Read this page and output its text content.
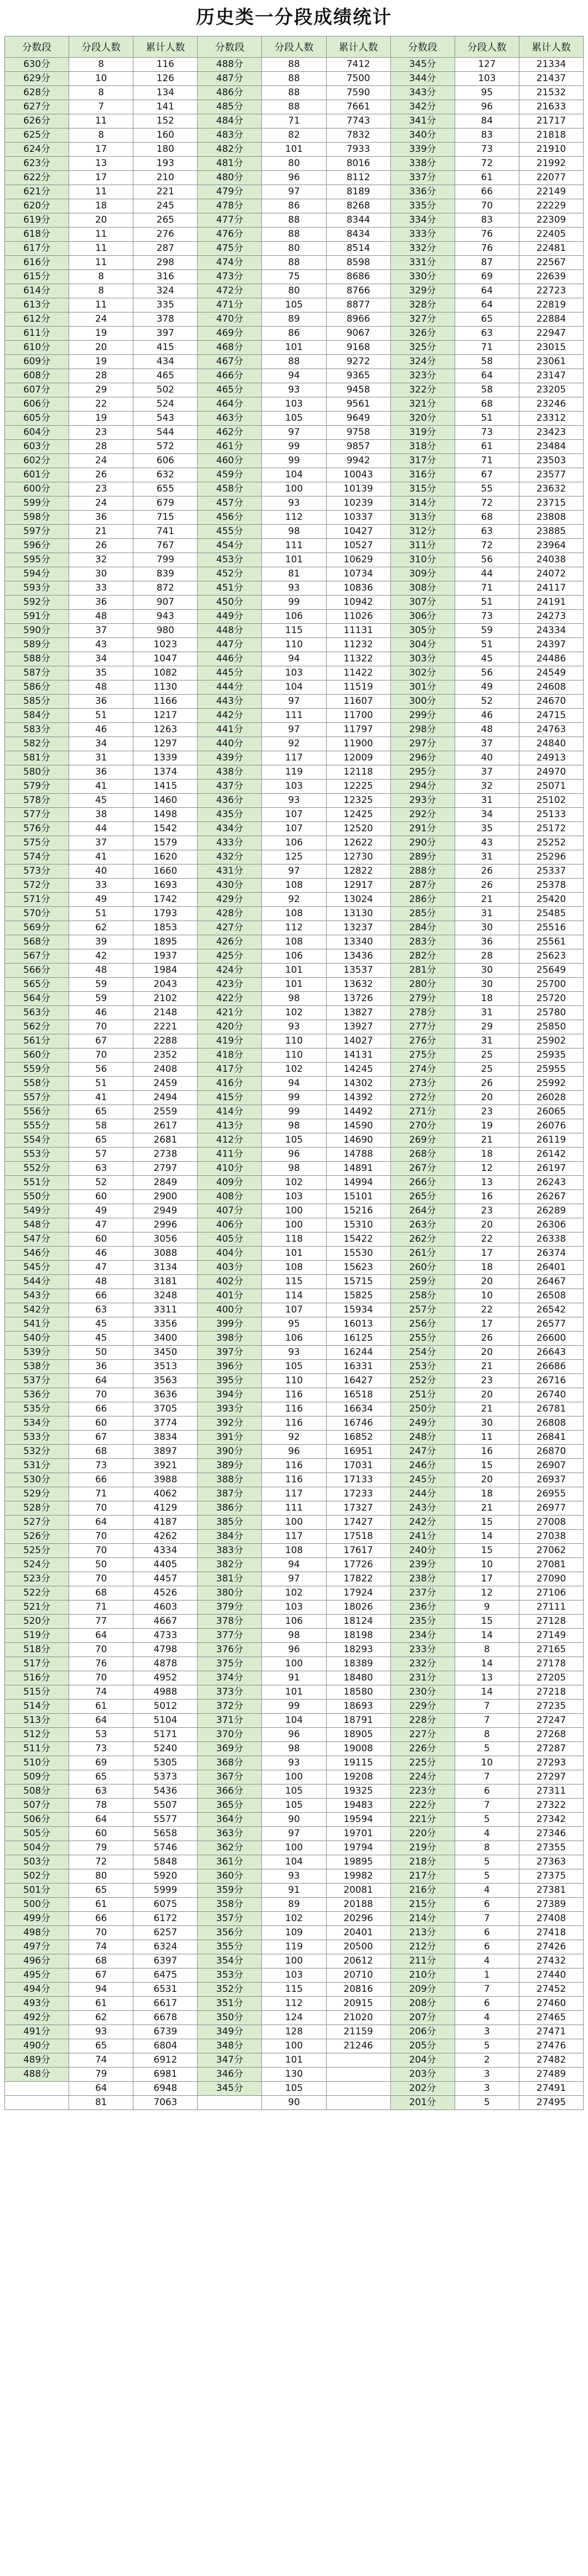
历史类一分段成绩统计
分数段	分段人数	累计人数	分数段	分段人数	累计人数	分数段	分段人数	累计人数
630分	8	116	488分	88	7412	345分	127	21334
629分	10	126	487分	88	7500	344分	103	21437
628分	8	134	486分	88	7590	343分	95	21532
627分	7	141	485分	88	7661	342分	96	21633
626分	11	152	484分	71	7743	341分	84	21717
625分	8	160	483分	82	7832	340分	83	21818
624分	17	180	482分	101	7933	339分	73	21910
623分	13	193	481分	80	8016	338分	72	21992
622分	17	210	480分	96	8112	337分	61	22077
621分	11	221	479分	97	8189	336分	66	22149
620分	18	245	478分	86	8268	335分	70	22229
619分	20	265	477分	88	8344	334分	83	22309
618分	11	276	476分	88	8434	333分	76	22405
617分	11	287	475分	80	8514	332分	76	22481
616分	11	298	474分	88	8598	331分	87	22567
615分	8	316	473分	75	8686	330分	69	22639
614分	8	324	472分	80	8766	329分	64	22723
613分	11	335	471分	105	8877	328分	64	22819
612分	24	378	470分	89	8966	327分	65	22884
611分	19	397	469分	86	9067	326分	63	22947
610分	20	415	468分	101	9168	325分	71	23015
609分	19	434	467分	88	9272	324分	58	23061
608分	28	465	466分	94	9365	323分	64	23147
607分	29	502	465分	93	9458	322分	58	23205
606分	22	524	464分	103	9561	321分	68	23246
605分	19	543	463分	105	9649	320分	51	23312
604分	23	544	462分	97	9758	319分	73	23423
603分	28	572	461分	99	9857	318分	61	23484
602分	24	606	460分	99	9942	317分	71	23503
601分	26	632	459分	104	10043	316分	67	23577
600分	23	655	458分	100	10139	315分	55	23632
599分	24	679	457分	93	10239	314分	72	23715
598分	36	715	456分	112	10337	313分	68	23808
597分	21	741	455分	98	10427	312分	63	23885
596分	26	767	454分	111	10527	311分	72	23964
595分	32	799	453分	101	10629	310分	56	24038
594分	30	839	452分	81	10734	309分	44	24072
593分	33	872	451分	93	10836	308分	71	24117
592分	36	907	450分	99	10942	307分	51	24191
591分	48	943	449分	106	11026	306分	73	24273
590分	37	980	448分	115	11131	305分	59	24334
589分	43	1023	447分	110	11232	304分	51	24397
588分	34	1047	446分	94	11322	303分	45	24486
587分	35	1082	445分	103	11422	302分	56	24549
586分	48	1130	444分	104	11519	301分	49	24608
585分	36	1166	443分	97	11607	300分	52	24670
584分	51	1217	442分	111	11700	299分	46	24715
583分	46	1263	441分	97	11797	298分	48	24763
582分	34	1297	440分	92	11900	297分	37	24840
581分	31	1339	439分	117	12009	296分	40	24913
580分	36	1374	438分	119	12118	295分	37	24970
579分	41	1415	437分	103	12225	294分	32	25071
578分	45	1460	436分	93	12325	293分	31	25102
577分	38	1498	435分	107	12425	292分	34	25133
576分	44	1542	434分	107	12520	291分	35	25172
575分	37	1579	433分	106	12622	290分	43	25252
574分	41	1620	432分	125	12730	289分	31	25296
573分	40	1660	431分	97	12822	288分	26	25337
572分	33	1693	430分	108	12917	287分	26	25378
571分	49	1742	429分	92	13024	286分	21	25420
570分	51	1793	428分	108	13130	285分	31	25485
569分	62	1853	427分	112	13237	284分	30	25516
568分	39	1895	426分	108	13340	283分	36	25561
567分	42	1937	425分	106	13436	282分	28	25623
566分	48	1984	424分	101	13537	281分	30	25649
565分	59	2043	423分	101	13632	280分	30	25700
564分	59	2102	422分	98	13726	279分	18	25720
563分	46	2148	421分	102	13827	278分	31	25780
562分	70	2221	420分	93	13927	277分	29	25850
561分	67	2288	419分	110	14027	276分	31	25902
560分	70	2352	418分	110	14131	275分	25	25935
559分	56	2408	417分	102	14245	274分	25	25955
558分	51	2459	416分	94	14302	273分	26	25992
557分	41	2494	415分	99	14392	272分	20	26028
556分	65	2559	414分	99	14492	271分	23	26065
555分	58	2617	413分	98	14590	270分	19	26076
554分	65	2681	412分	105	14690	269分	21	26119
553分	57	2738	411分	96	14788	268分	18	26142
552分	63	2797	410分	98	14891	267分	12	26197
551分	52	2849	409分	102	14994	266分	13	26243
550分	60	2900	408分	103	15101	265分	16	26267
549分	49	2949	407分	100	15216	264分	23	26289
548分	47	2996	406分	100	15310	263分	20	26306
547分	60	3056	405分	118	15422	262分	22	26338
546分	46	3088	404分	101	15530	261分	17	26374
545分	47	3134	403分	108	15623	260分	18	26401
544分	48	3181	402分	115	15715	259分	20	26467
543分	66	3248	401分	114	15825	258分	10	26508
542分	63	3311	400分	107	15934	257分	22	26542
541分	45	3356	399分	95	16013	256分	17	26577
540分	45	3400	398分	106	16125	255分	26	26600
539分	50	3450	397分	93	16244	254分	20	26643
538分	36	3513	396分	105	16331	253分	21	26686
537分	64	3563	395分	110	16427	252分	23	26716
536分	70	3636	394分	116	16518	251分	20	26740
535分	66	3705	393分	116	16634	250分	21	26781
534分	60	3774	392分	116	16746	249分	30	26808
533分	67	3834	391分	92	16852	248分	11	26841
532分	68	3897	390分	96	16951	247分	16	26870
531分	73	3921	389分	116	17031	246分	15	26907
530分	66	3988	388分	116	17133	245分	20	26937
529分	71	4062	387分	117	17233	244分	18	26955
528分	70	4129	386分	111	17327	243分	21	26977
527分	64	4187	385分	100	17427	242分	15	27008
526分	70	4262	384分	117	17518	241分	14	27038
525分	70	4334	383分	108	17617	240分	15	27062
524分	50	4405	382分	94	17726	239分	10	27081
523分	70	4457	381分	97	17822	238分	17	27090
522分	68	4526	380分	102	17924	237分	12	27106
521分	71	4603	379分	103	18026	236分	9	27111
520分	77	4667	378分	106	18124	235分	15	27128
519分	64	4733	377分	98	18198	234分	14	27149
518分	70	4798	376分	96	18293	233分	8	27165
517分	76	4878	375分	100	18389	232分	14	27178
516分	70	4952	374分	91	18480	231分	13	27205
515分	74	4988	373分	101	18580	230分	14	27218
514分	61	5012	372分	99	18693	229分	7	27235
513分	64	5104	371分	104	18791	228分	7	27247
512分	53	5171	370分	96	18905	227分	8	27268
511分	73	5240	369分	98	19008	226分	5	27287
510分	69	5305	368分	93	19115	225分	10	27293
509分	65	5373	367分	100	19208	224分	7	27297
508分	63	5436	366分	105	19325	223分	6	27311
507分	78	5507	365分	105	19483	222分	7	27322
506分	64	5577	364分	90	19594	221分	5	27342
505分	60	5658	363分	97	19701	220分	4	27346
504分	79	5746	362分	100	19794	219分	8	27355
503分	72	5848	361分	104	19895	218分	5	27363
502分	80	5920	360分	93	19982	217分	5	27375
501分	65	5999	359分	91	20081	216分	4	27381
500分	61	6075	358分	89	20188	215分	6	27389
499分	66	6172	357分	102	20296	214分	7	27408
498分	70	6257	356分	109	20401	213分	6	27418
497分	74	6324	355分	119	20500	212分	6	27426
496分	68	6397	354分	100	20612	211分	4	27432
495分	67	6475	353分	103	20710	210分	1	27440
494分	94	6531	352分	115	20816	209分	7	27452
493分	61	6617	351分	112	20915	208分	6	27460
492分	62	6678	350分	124	21020	207分	4	27465
491分	93	6739	349分	128	21159	206分	3	27471
490分	65	6804	348分	100	21246	205分	5	27476
489分	74	6912	347分	101		204分	2	27482
488分	79	6981	346分	130		203分	3	27489
	64	6948	345分	105		202分	3	27491
	81	7063		90		201分	5	27495
